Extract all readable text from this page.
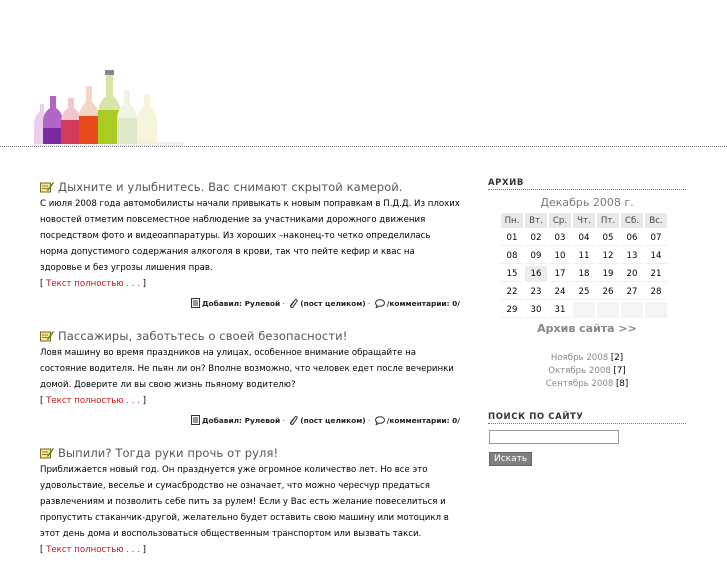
Дыхните и улыбнитесь. Вас снимают скрытой камерой.
С июля 2008 года автомобилисты начали привыкать к новым поправкам в П.Д.Д. Из плохих
новостей отметим повсеместное наблюдение за участниками дорожного движения
посредством фото и видеоаппаратуры. Из хороших –наконец-то четко определилась
норма допустимого содержания алкоголя в крови, так что пейте кефир и квас на
здоровье и без угрозы лишения прав.
[ Текст полностью . . . ]
Добавил: Рулевой · (пост целиком) · /комментарии: 0/
Пассажиры, заботьтесь о своей безопасности!
Ловя машину во время праздников на улицах, особенное внимание обращайте на
состояние водителя. Не пьян ли он? Вполне возможно, что человек едет после вечеринки
домой. Доверите ли вы свою жизнь пьяному водителю?
[ Текст полностью . . . ]
Добавил: Рулевой · (пост целиком) · /комментарии: 0/
Выпили? Тогда руки прочь от руля!
Приближается новый год. Он празднуется уже огромное количество лет. Но все это
удовольствие, веселье и сумасбродство не означает, что можно чересчур предаться
развлечениям и позволить себе пить за рулем! Если у Вас есть желание повеселиться и
пропустить стаканчик-другой, желательно будет оставить свою машину или мотоцикл в
этот день дома и воспользоваться общественным транспортом или вызвать такси.
[ Текст полностью . . . ]
АРХИВ
Декабрь 2008 г.
Пн.	Вт.	Ср.	Чт.	Пт.	Сб.	Вс.
01	02	03	04	05	06	07
08	09	10	11	12	13	14
15	16	17	18	19	20	21
22	23	24	25	26	27	28
29	30	31				
Архив сайта >>
Ноябрь 2008 [2]
Октябрь 2008 [7]
Сентябрь 2008 [8]
ПОИСК ПО САЙТУ
Искать
